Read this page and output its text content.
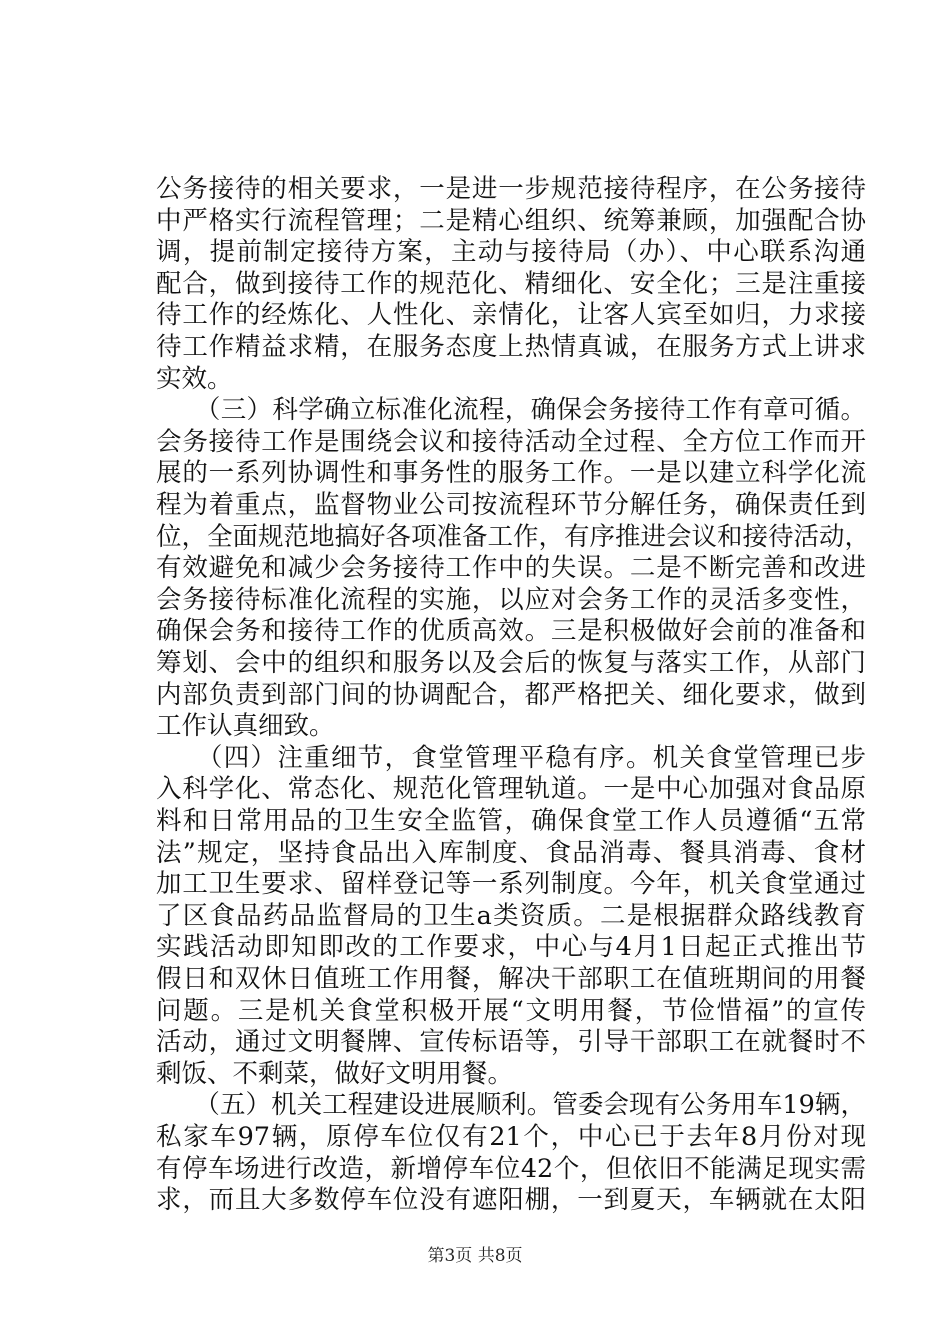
公务接待的相关要求，一是进一步规范接待程序，在公务接待
中严格实行流程管理；二是精心组织、统筹兼顾，加强配合协
调，提前制定接待方案，主动与接待局（办）、中心联系沟通
配合，做到接待工作的规范化、精细化、安全化；三是注重接
待工作的经炼化、人性化、亲情化，让客人宾至如归，力求接
待工作精益求精，在服务态度上热情真诚，在服务方式上讲求
实效。
　　（三）科学确立标准化流程，确保会务接待工作有章可循。
会务接待工作是围绕会议和接待活动全过程、全方位工作而开
展的一系列协调性和事务性的服务工作。一是以建立科学化流
程为着重点，监督物业公司按流程环节分解任务，确保责任到
位，全面规范地搞好各项准备工作，有序推进会议和接待活动，
有效避免和减少会务接待工作中的失误。二是不断完善和改进
会务接待标准化流程的实施，以应对会务工作的灵活多变性，
确保会务和接待工作的优质高效。三是积极做好会前的准备和
筹划、会中的组织和服务以及会后的恢复与落实工作，从部门
内部负责到部门间的协调配合，都严格把关、细化要求，做到
工作认真细致。
　　（四）注重细节，食堂管理平稳有序。机关食堂管理已步
入科学化、常态化、规范化管理轨道。一是中心加强对食品原
料和日常用品的卫生安全监管，确保食堂工作人员遵循“五常
法”规定，坚持食品出入库制度、食品消毒、餐具消毒、食材
加工卫生要求、留样登记等一系列制度。今年，机关食堂通过
了区食品药品监督局的卫生a类资质。二是根据群众路线教育
实践活动即知即改的工作要求，中心与4月1日起正式推出节
假日和双休日值班工作用餐，解决干部职工在值班期间的用餐
问题。三是机关食堂积极开展“文明用餐，节俭惜福”的宣传
活动，通过文明餐牌、宣传标语等，引导干部职工在就餐时不
剩饭、不剩菜，做好文明用餐。
　　（五）机关工程建设进展顺利。管委会现有公务用车19辆，
私家车97辆，原停车位仅有21个，中心已于去年8月份对现
有停车场进行改造，新增停车位42个，但依旧不能满足现实需
求，而且大多数停车位没有遮阳棚，一到夏天，车辆就在太阳
第3页 共8页
